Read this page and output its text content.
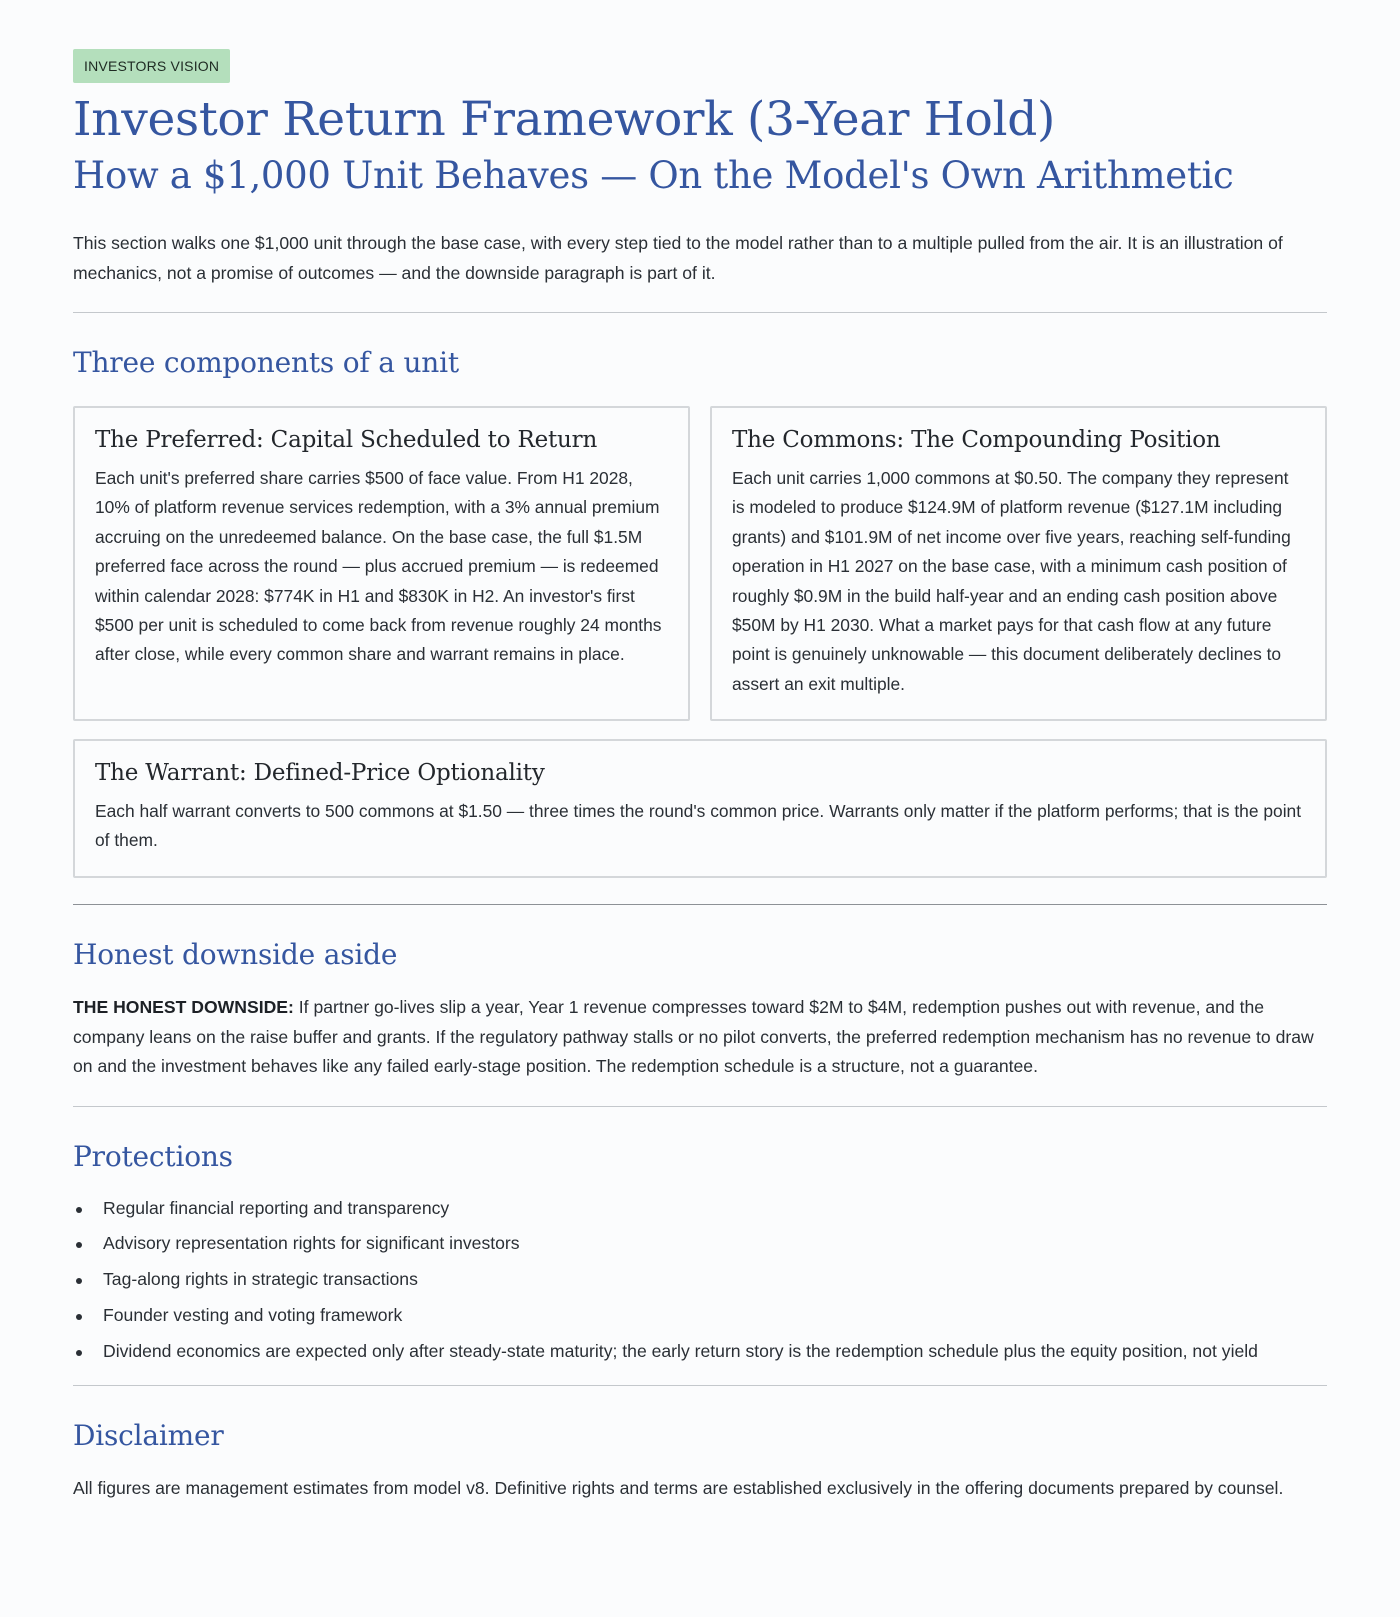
INVESTORS VISION
Investor Return Framework (3-Year Hold)
How a $1,000 Unit Behaves — On the Model's Own Arithmetic

This section walks one $1,000 unit through the base case, with every step tied to the model rather than to a multiple pulled from the air. It is an illustration of mechanics, not a promise of outcomes — and the downside paragraph is part of it.

Three components of a unit
The Preferred: Capital Scheduled to Return

Each unit's preferred share carries $500 of face value. From H1 2028, 10% of platform revenue services redemption, with a 3% annual premium accruing on the unredeemed balance. On the base case, the full $1.5M preferred face across the round — plus accrued premium — is redeemed within calendar 2028: $774K in H1 and $830K in H2. An investor's first $500 per unit is scheduled to come back from revenue roughly 24 months after close, while every common share and warrant remains in place.

The Commons: The Compounding Position

Each unit carries 1,000 commons at $0.50. The company they represent is modeled to produce $124.9M of platform revenue ($127.1M including grants) and $101.9M of net income over five years, reaching self-funding operation in H1 2027 on the base case, with a minimum cash position of roughly $0.9M in the build half-year and an ending cash position above $50M by H1 2030. What a market pays for that cash flow at any future point is genuinely unknowable — this document deliberately declines to assert an exit multiple.

The Warrant: Defined-Price Optionality

Each half warrant converts to 500 commons at $1.50 — three times the round's common price. Warrants only matter if the platform performs; that is the point of them.

Honest downside aside

THE HONEST DOWNSIDE: If partner go-lives slip a year, Year 1 revenue compresses toward $2M to $4M, redemption pushes out with revenue, and the company leans on the raise buffer and grants. If the regulatory pathway stalls or no pilot converts, the preferred redemption mechanism has no revenue to draw on and the investment behaves like any failed early-stage position. The redemption schedule is a structure, not a guarantee.

Protections
Regular financial reporting and transparency
Advisory representation rights for significant investors
Tag-along rights in strategic transactions
Founder vesting and voting framework
Dividend economics are expected only after steady-state maturity; the early return story is the redemption schedule plus the equity position, not yield
Disclaimer

All figures are management estimates from model v8. Definitive rights and terms are established exclusively in the offering documents prepared by counsel.
